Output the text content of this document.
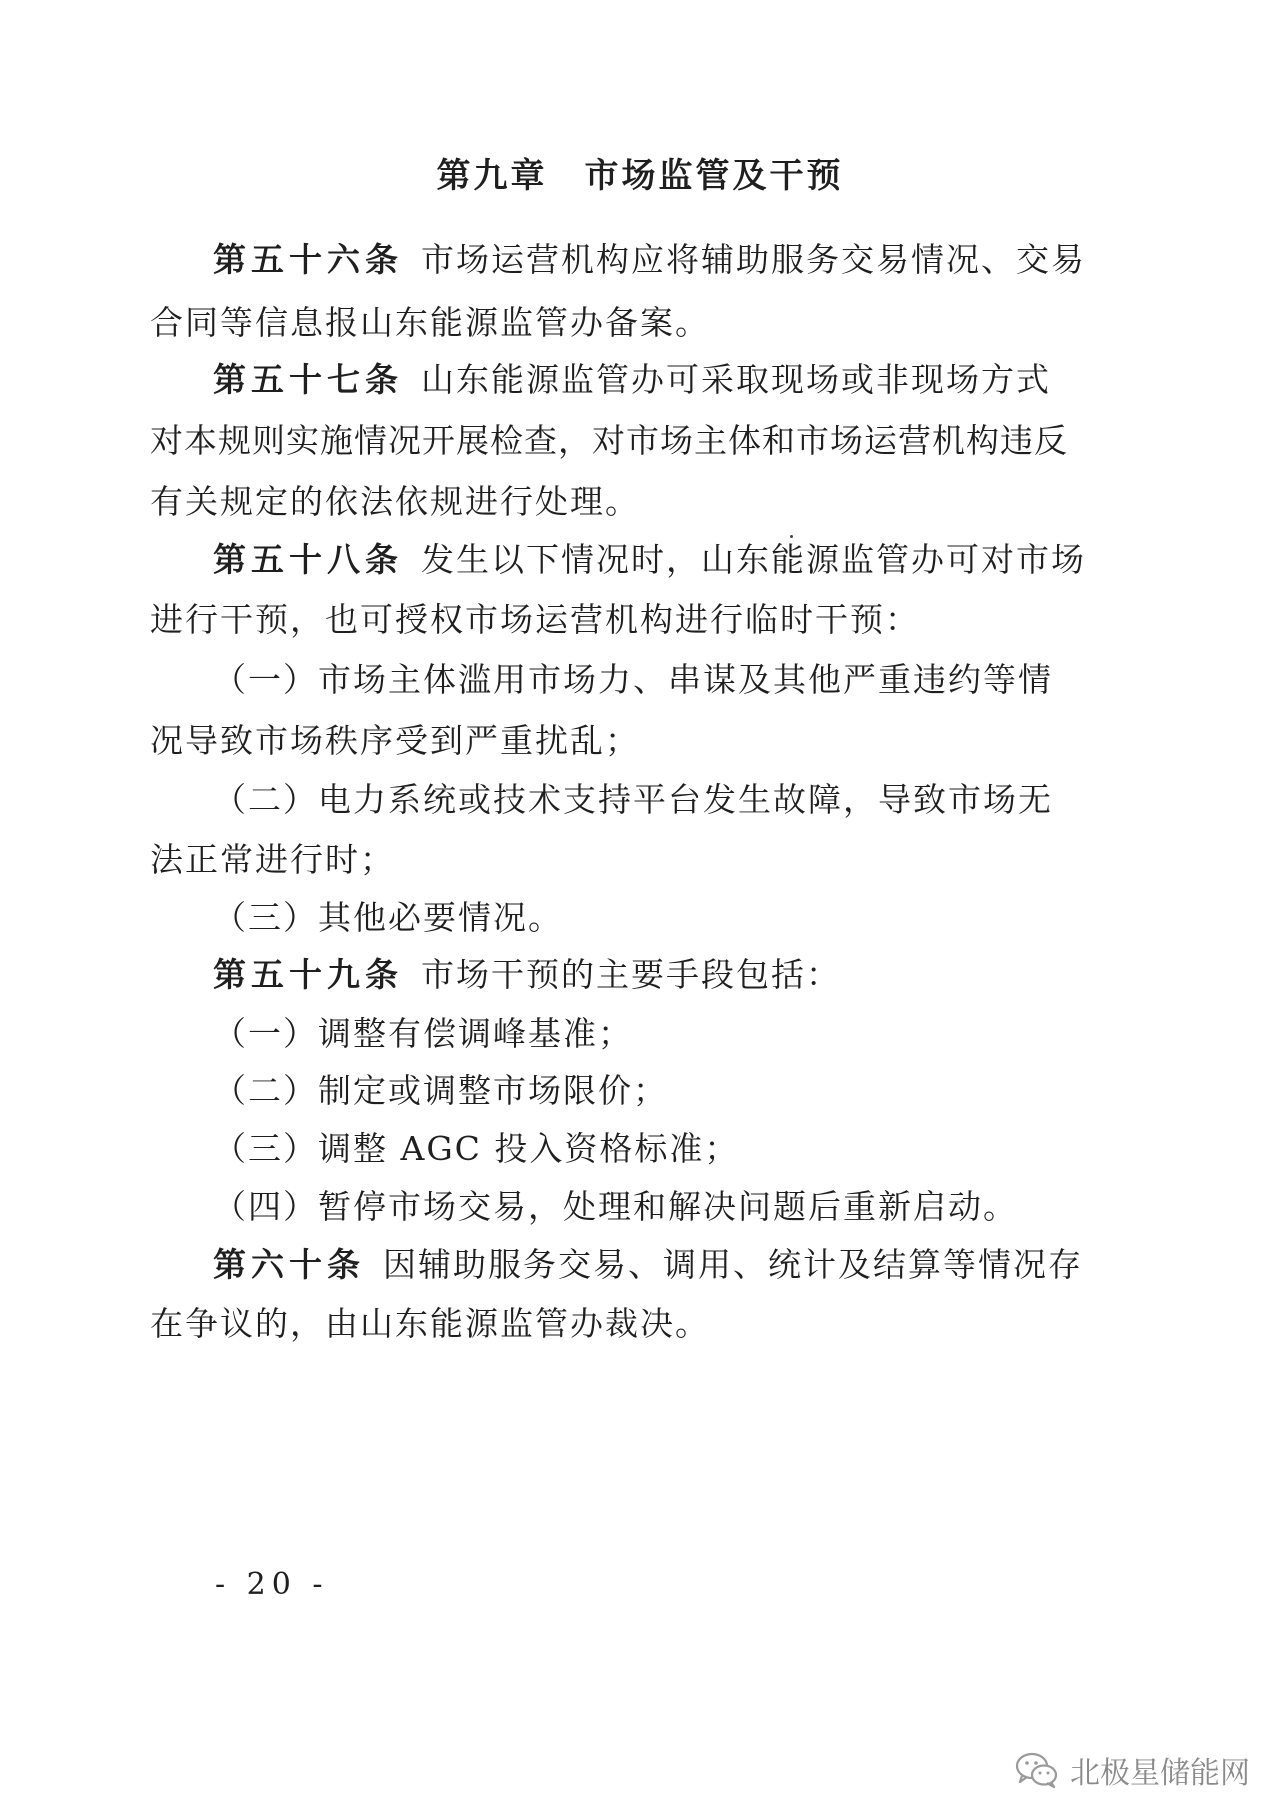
第九章　市场监管及干预
第五十六条 市场运营机构应将辅助服务交易情况、交易
合同等信息报山东能源监管办备案。
第五十七条 山东能源监管办可采取现场或非现场方式
对本规则实施情况开展检查，对市场主体和市场运营机构违反
有关规定的依法依规进行处理。
第五十八条 发生以下情况时，山东能源监管办可对市场
进行干预，也可授权市场运营机构进行临时干预：
（一）市场主体滥用市场力、串谋及其他严重违约等情
况导致市场秩序受到严重扰乱；
（二）电力系统或技术支持平台发生故障，导致市场无
法正常进行时；
（三）其他必要情况。
第五十九条 市场干预的主要手段包括：
（一）调整有偿调峰基准；
（二）制定或调整市场限价；
（三）调整 AGC 投入资格标准；
（四）暂停市场交易，处理和解决问题后重新启动。
第六十条 因辅助服务交易、调用、统计及结算等情况存
在争议的，由山东能源监管办裁决。
- 20 -
北极星储能网
